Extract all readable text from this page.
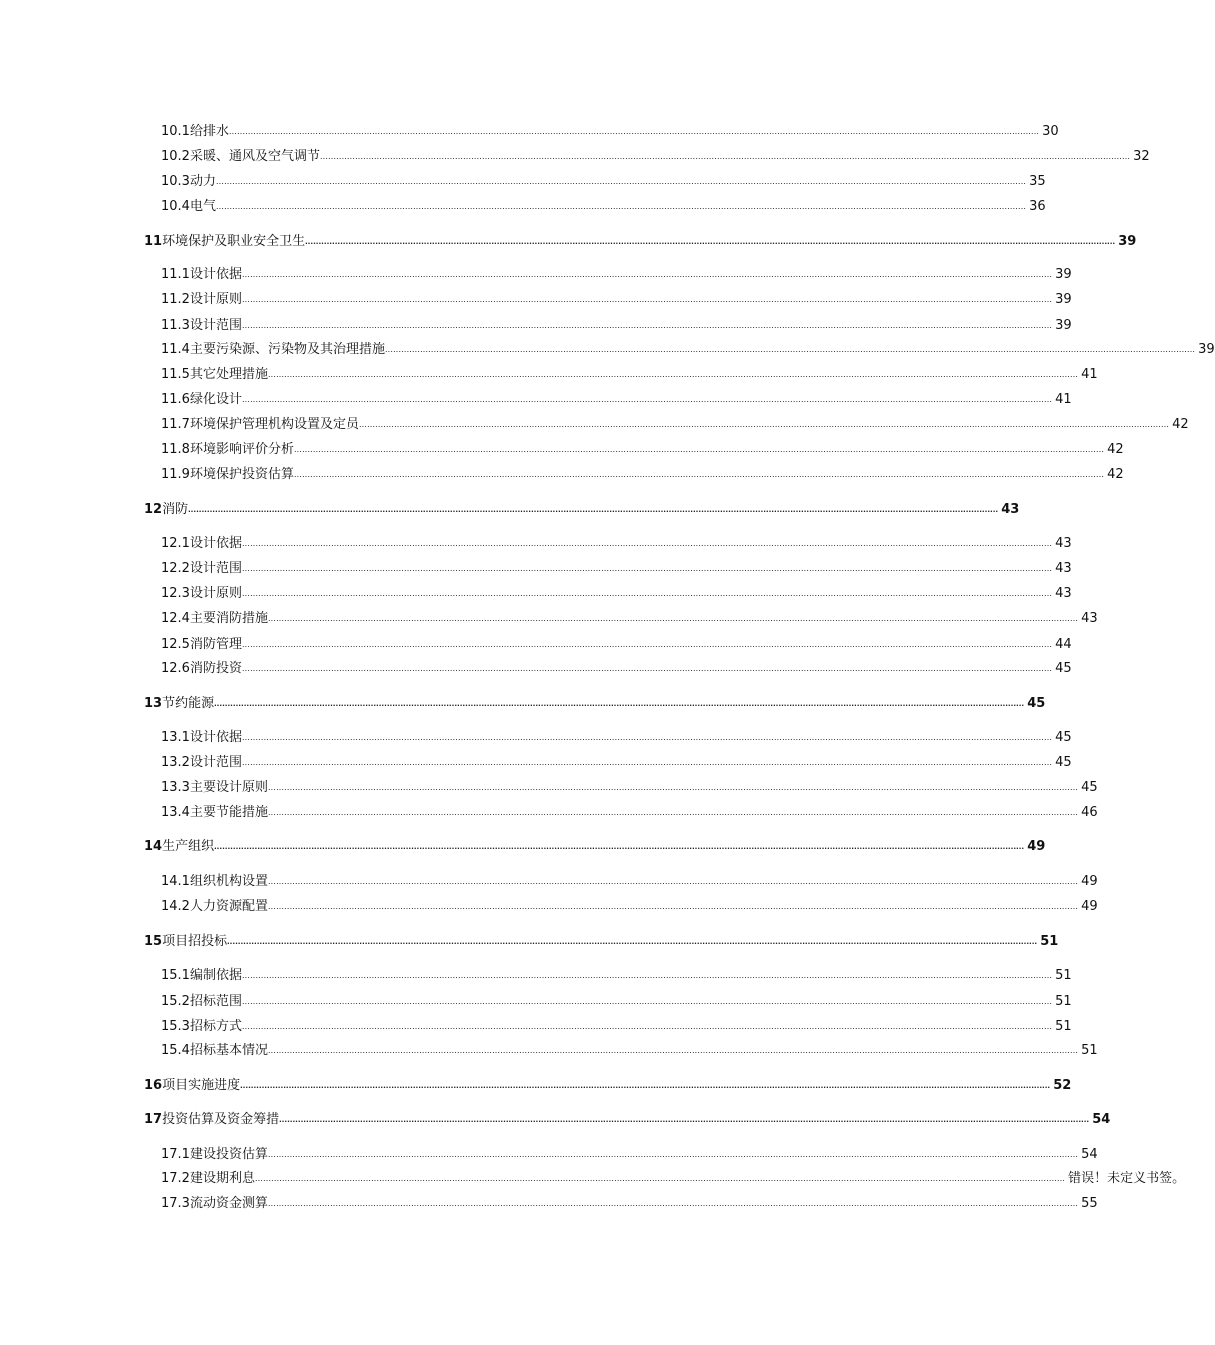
10.1 给排水 ............................................................................................................................................................................................................................................................................................................ 30
10.2 采暖、通风及空气调节 ............................................................................................................................................................................................................................................................................................................ 32
10.3 动力 ............................................................................................................................................................................................................................................................................................................ 35
10.4 电气 ............................................................................................................................................................................................................................................................................................................ 36
11 环境保护及职业安全卫生 ............................................................................................................................................................................................................................................................................................................ 39
11.1 设计依据 ............................................................................................................................................................................................................................................................................................................ 39
11.2 设计原则 ............................................................................................................................................................................................................................................................................................................ 39
11.3 设计范围 ............................................................................................................................................................................................................................................................................................................ 39
11.4 主要污染源、污染物及其治理措施 ............................................................................................................................................................................................................................................................................................................ 39
11.5 其它处理措施 ............................................................................................................................................................................................................................................................................................................ 41
11.6 绿化设计 ............................................................................................................................................................................................................................................................................................................ 41
11.7 环境保护管理机构设置及定员 ............................................................................................................................................................................................................................................................................................................ 42
11.8 环境影响评价分析 ............................................................................................................................................................................................................................................................................................................ 42
11.9 环境保护投资估算 ............................................................................................................................................................................................................................................................................................................ 42
12 消防 ............................................................................................................................................................................................................................................................................................................ 43
12.1 设计依据 ............................................................................................................................................................................................................................................................................................................ 43
12.2 设计范围 ............................................................................................................................................................................................................................................................................................................ 43
12.3 设计原则 ............................................................................................................................................................................................................................................................................................................ 43
12.4 主要消防措施 ............................................................................................................................................................................................................................................................................................................ 43
12.5 消防管理 ............................................................................................................................................................................................................................................................................................................ 44
12.6 消防投资 ............................................................................................................................................................................................................................................................................................................ 45
13 节约能源 ............................................................................................................................................................................................................................................................................................................ 45
13.1 设计依据 ............................................................................................................................................................................................................................................................................................................ 45
13.2 设计范围 ............................................................................................................................................................................................................................................................................................................ 45
13.3 主要设计原则 ............................................................................................................................................................................................................................................................................................................ 45
13.4 主要节能措施 ............................................................................................................................................................................................................................................................................................................ 46
14 生产组织 ............................................................................................................................................................................................................................................................................................................ 49
14.1 组织机构设置 ............................................................................................................................................................................................................................................................................................................ 49
14.2 人力资源配置 ............................................................................................................................................................................................................................................................................................................ 49
15 项目招投标 ............................................................................................................................................................................................................................................................................................................ 51
15.1 编制依据 ............................................................................................................................................................................................................................................................................................................ 51
15.2 招标范围 ............................................................................................................................................................................................................................................................................................................ 51
15.3 招标方式 ............................................................................................................................................................................................................................................................................................................ 51
15.4 招标基本情况 ............................................................................................................................................................................................................................................................................................................ 51
16 项目实施进度 ............................................................................................................................................................................................................................................................................................................ 52
17 投资估算及资金筹措 ............................................................................................................................................................................................................................................................................................................ 54
17.1 建设投资估算 ............................................................................................................................................................................................................................................................................................................ 54
17.2 建设期利息 ............................................................................................................................................................................................................................................................................................................ 错误！未定义书签。
17.3 流动资金测算 ............................................................................................................................................................................................................................................................................................................ 55
